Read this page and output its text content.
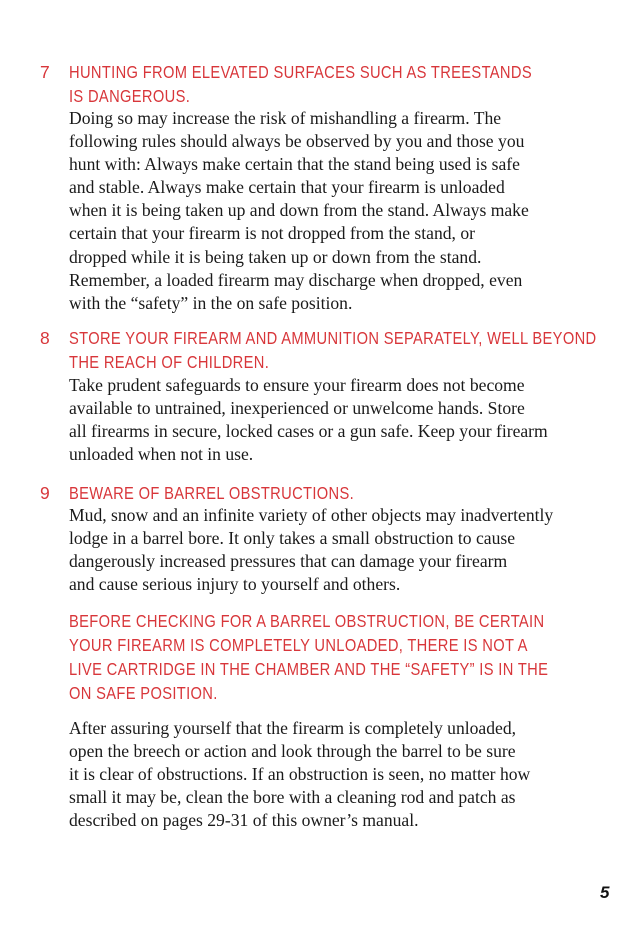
7 HUNTING FROM ELEVATED SURFACES SUCH AS TREESTANDS
IS DANGEROUS.
Doing so may increase the risk of mishandling a firearm. The
following rules should always be observed by you and those you
hunt with: Always make certain that the stand being used is safe
and stable. Always make certain that your firearm is unloaded
when it is being taken up and down from the stand. Always make
certain that your firearm is not dropped from the stand, or
dropped while it is being taken up or down from the stand.
Remember, a loaded firearm may discharge when dropped, even
with the “safety” in the on safe position.
8 STORE YOUR FIREARM AND AMMUNITION SEPARATELY, WELL BEYOND
THE REACH OF CHILDREN.
Take prudent safeguards to ensure your firearm does not become
available to untrained, inexperienced or unwelcome hands. Store
all firearms in secure, locked cases or a gun safe. Keep your firearm
unloaded when not in use.
9 BEWARE OF BARREL OBSTRUCTIONS.
Mud, snow and an infinite variety of other objects may inadvertently
lodge in a barrel bore. It only takes a small obstruction to cause
dangerously increased pressures that can damage your firearm
and cause serious injury to yourself and others.
BEFORE CHECKING FOR A BARREL OBSTRUCTION, BE CERTAIN
YOUR FIREARM IS COMPLETELY UNLOADED, THERE IS NOT A
LIVE CARTRIDGE IN THE CHAMBER AND THE “SAFETY” IS IN THE
ON SAFE POSITION.
After assuring yourself that the firearm is completely unloaded,
open the breech or action and look through the barrel to be sure
it is clear of obstructions. If an obstruction is seen, no matter how
small it may be, clean the bore with a cleaning rod and patch as
described on pages 29-31 of this owner’s manual.
5
